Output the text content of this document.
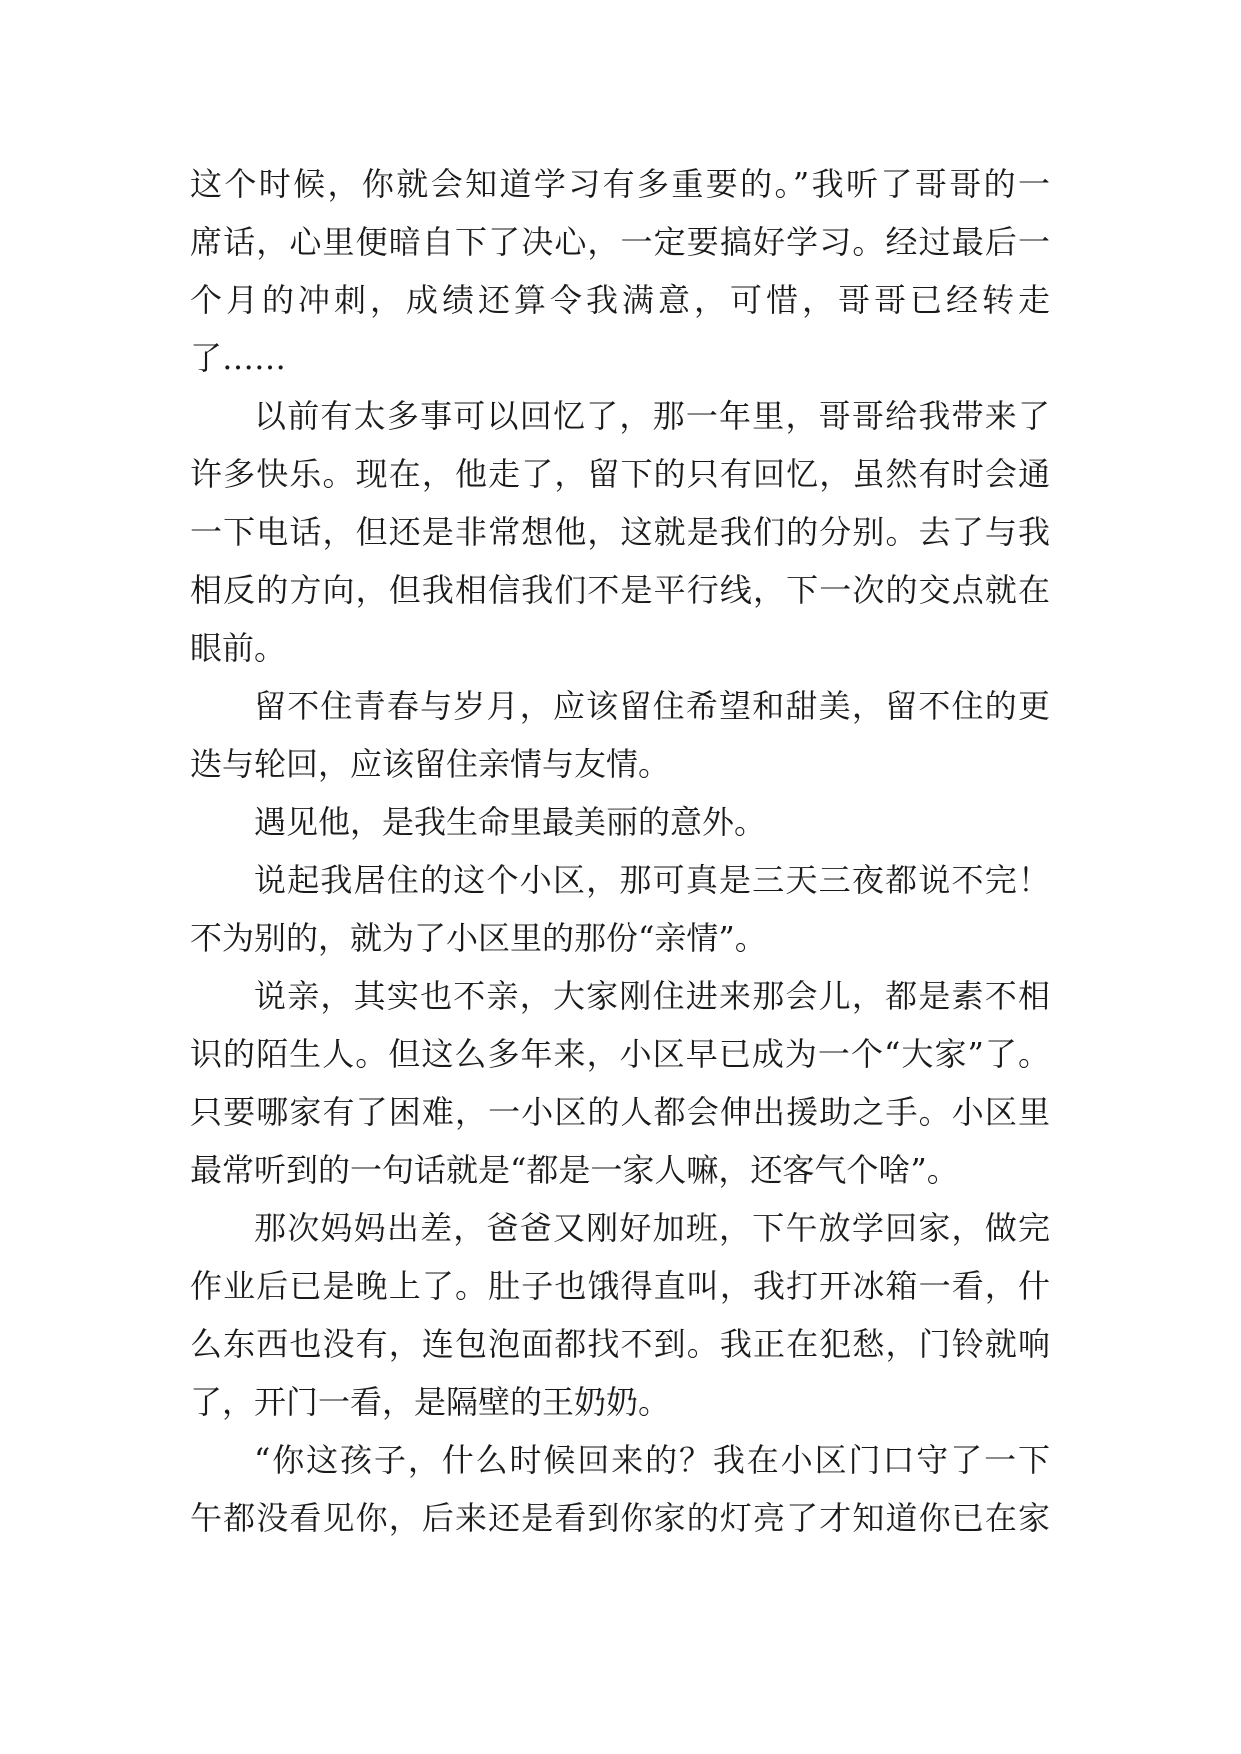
这个时候，你就会知道学习有多重要的。”我听了哥哥的一
席话，心里便暗自下了决心，一定要搞好学习。经过最后一
个月的冲刺，成绩还算令我满意，可惜，哥哥已经转走
了……
以前有太多事可以回忆了，那一年里，哥哥给我带来了
许多快乐。现在，他走了，留下的只有回忆，虽然有时会通
一下电话，但还是非常想他，这就是我们的分别。去了与我
相反的方向，但我相信我们不是平行线，下一次的交点就在
眼前。
留不住青春与岁月，应该留住希望和甜美，留不住的更
迭与轮回，应该留住亲情与友情。
遇见他，是我生命里最美丽的意外。
说起我居住的这个小区，那可真是三天三夜都说不完！
不为别的，就为了小区里的那份“亲情”。
说亲，其实也不亲，大家刚住进来那会儿，都是素不相
识的陌生人。但这么多年来，小区早已成为一个“大家”了。
只要哪家有了困难，一小区的人都会伸出援助之手。小区里
最常听到的一句话就是“都是一家人嘛，还客气个啥”。
那次妈妈出差，爸爸又刚好加班，下午放学回家，做完
作业后已是晚上了。肚子也饿得直叫，我打开冰箱一看，什
么东西也没有，连包泡面都找不到。我正在犯愁，门铃就响
了，开门一看，是隔壁的王奶奶。
“你这孩子，什么时候回来的？我在小区门口守了一下
午都没看见你，后来还是看到你家的灯亮了才知道你已在家
